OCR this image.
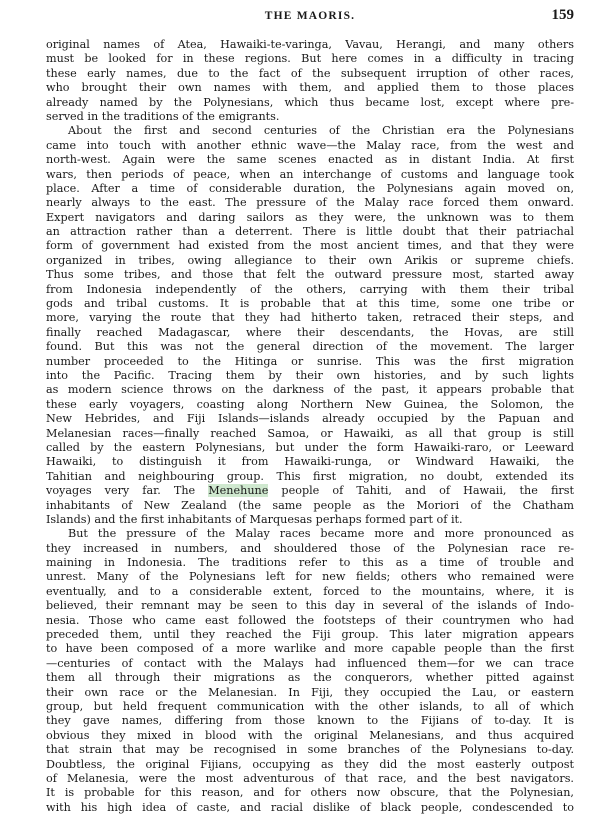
THE MAORIS.	159
original names of Atea, Hawaiki-te-varinga, Vavau, Herangi, and many others
must be looked for in these regions. But here comes in a difficulty in tracing
these early names, due to the fact of the subsequent irruption of other races,
who brought their own names with them, and applied them to those places
already named by the Polynesians, which thus became lost, except where pre-
served in the traditions of the emigrants.
About the first and second centuries of the Christian era the Polynesians
came into touch with another ethnic wave—the Malay race, from the west and
north-west. Again were the same scenes enacted as in distant India. At first
wars, then periods of peace, when an interchange of customs and language took
place. After a time of considerable duration, the Polynesians again moved on,
nearly always to the east. The pressure of the Malay race forced them onward.
Expert navigators and daring sailors as they were, the unknown was to them
an attraction rather than a deterrent. There is little doubt that their patriachal
form of government had existed from the most ancient times, and that they were
organized in tribes, owing allegiance to their own Arikis or supreme chiefs.
Thus some tribes, and those that felt the outward pressure most, started away
from Indonesia independently of the others, carrying with them their tribal
gods and tribal customs. It is probable that at this time, some one tribe or
more, varying the route that they had hitherto taken, retraced their steps, and
finally reached Madagascar, where their descendants, the Hovas, are still
found. But this was not the general direction of the movement. The larger
number proceeded to the Hitinga or sunrise. This was the first migration
into the Pacific. Tracing them by their own histories, and by such lights
as modern science throws on the darkness of the past, it appears probable that
these early voyagers, coasting along Northern New Guinea, the Solomon, the
New Hebrides, and Fiji Islands—islands already occupied by the Papuan and
Melanesian races—finally reached Samoa, or Hawaiki, as all that group is still
called by the eastern Polynesians, but under the form Hawaiki-raro, or Leeward
Hawaiki, to distinguish it from Hawaiki-runga, or Windward Hawaiki, the
Tahitian and neighbouring group. This first migration, no doubt, extended its
voyages very far. The Menehune people of Tahiti, and of Hawaii, the first
inhabitants of New Zealand (the same people as the Moriori of the Chatham
Islands) and the first inhabitants of Marquesas perhaps formed part of it.
But the pressure of the Malay races became more and more pronounced as
they increased in numbers, and shouldered those of the Polynesian race re-
maining in Indonesia. The traditions refer to this as a time of trouble and
unrest. Many of the Polynesians left for new fields; others who remained were
eventually, and to a considerable extent, forced to the mountains, where, it is
believed, their remnant may be seen to this day in several of the islands of Indo-
nesia. Those who came east followed the footsteps of their countrymen who had
preceded them, until they reached the Fiji group. This later migration appears
to have been composed of a more warlike and more capable people than the first
—centuries of contact with the Malays had influenced them—for we can trace
them all through their migrations as the conquerors, whether pitted against
their own race or the Melanesian. In Fiji, they occupied the Lau, or eastern
group, but held frequent communication with the other islands, to all of which
they gave names, differing from those known to the Fijians of to-day. It is
obvious they mixed in blood with the original Melanesians, and thus acquired
that strain that may be recognised in some branches of the Polynesians to-day.
Doubtless, the original Fijians, occupying as they did the most easterly outpost
of Melanesia, were the most adventurous of that race, and the best navigators.
It is probable for this reason, and for others now obscure, that the Polynesian,
with his high idea of caste, and racial dislike of black people, condescended to
